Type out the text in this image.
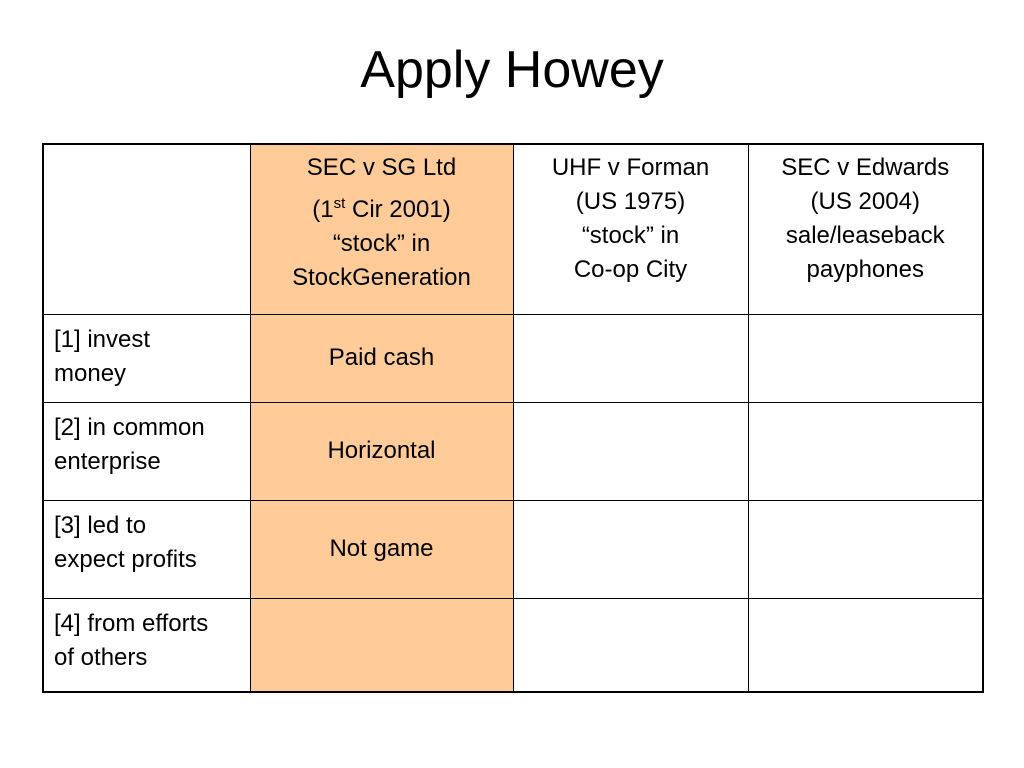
Apply Howey

	SEC v SG Ltd
(1st Cir 2001)
“stock” in
StockGeneration	UHF v Forman
(US 1975)
“stock” in
Co-op City	SEC v Edwards
(US 2004)
sale/leaseback
payphones

[1] invest
money	Paid cash		
[2] in common
enterprise	Horizontal		
[3] led to
expect profits	Not game		
[4] from efforts
of others			
